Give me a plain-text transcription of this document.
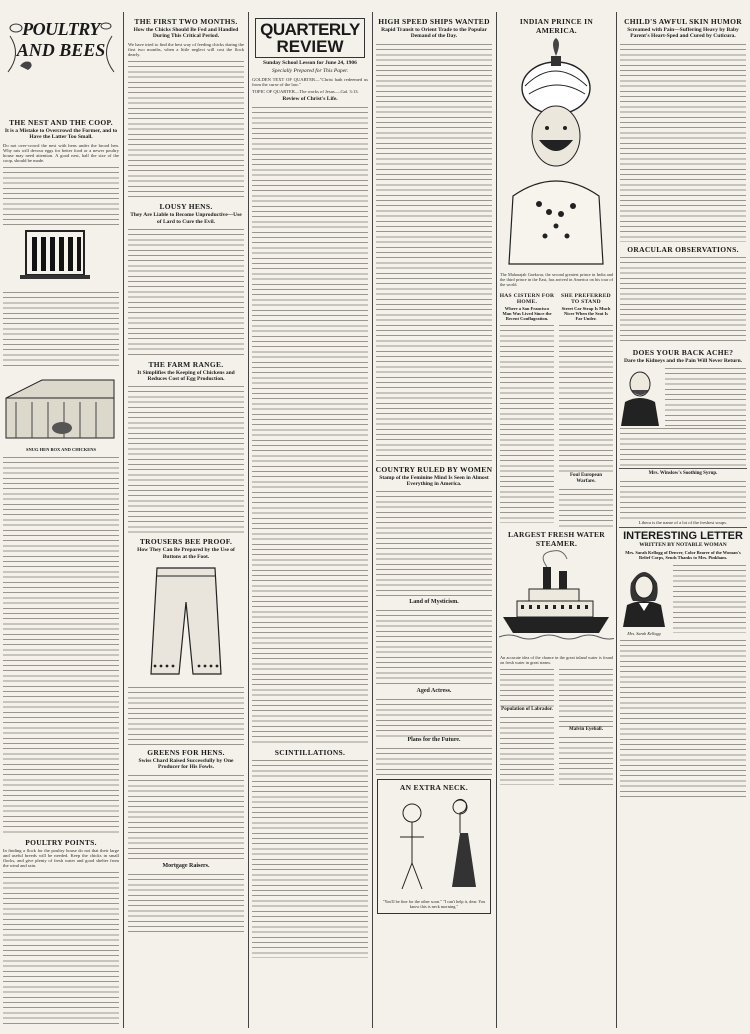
POULTRY
AND BEES
THE NEST AND THE COOP.
It is a Mistake to Overcrowd the Former, and to Have the Latter Too Small.
Do not over-crowd the nest with hens under the brood hen. Why rats will devour eggs for better food or a newer poultry house may need attention. A good nest, half the size of the coop, should be made.
SNUG HEN BOX AND CHICKENS
POULTRY POINTS.
In finding a flock for the poultry house do not that their large and useful breeds will be needed. Keep the chicks in small flocks, and give plenty of fresh water and good shelter from the wind and rain.
THE FIRST TWO MONTHS.
How the Chicks Should Be Fed and Handled During This Critical Period.
We have tried to find the best way of feeding chicks during the first two months, when a little neglect will cost the flock dearly.
LOUSY HENS.
They Are Liable to Become Unproductive—Use of Lard to Cure the Evil.
THE FARM RANGE.
It Simplifies the Keeping of Chickens and Reduces Cost of Egg Production.
TROUSERS BEE PROOF.
How They Can Be Prepared by the Use of Buttons at the Foot.
GREENS FOR HENS.
Swiss Chard Raised Successfully by One Producer for His Fowls.
Mortgage Raisers.
QUARTERLY
REVIEW
Sunday School Lesson for June 24, 1906
Specially Prepared for This Paper.
GOLDEN TEXT OF QUARTER—"Christ hath redeemed us from the curse of the law."
TOPIC OF QUARTER—The works of Jesus.—Gal. 3:13.
Review of Christ's Life.
SCINTILLATIONS.
HIGH SPEED SHIPS WANTED
Rapid Transit to Orient Trade to the Popular Demand of the Day.
COUNTRY RULED BY WOMEN
Stamp of the Feminine Mind Is Seen in Almost Everything in America.
Land of Mysticism.
Aged Actress.
Plans for the Future.
AN EXTRA NECK.
"You'll be fine for the other soon." "I can't help it, dear. You know this is neck morning."
INDIAN PRINCE IN AMERICA.
The Maharajah Gaekwar, the second greatest prince in India and the third prince in the East, has arrived in America on his tour of the world.
HAS CISTERN FOR HOME.
Where a San Francisco Man Was Lived Since the Recent Conflagration.
SHE PREFERRED TO STAND
Street Car Strap Is Much Nicer When the Seat Is Far Under.
Foul European Warfare.
LARGEST FRESH WATER STEAMER.
An accurate idea of the chance in the great inland water is found on fresh water in great steam.
Population of Labrador.
Malvin Eyeball.
CHILD'S AWFUL SKIN HUMOR
Screamed with Pain—Suffering Heavy by Baby Parent's Heart-Sped and Cured by Cuticura.
ORACULAR OBSERVATIONS.
DOES YOUR BACK ACHE?
Dare the Kidneys and the Pain Will Never Return.
Mrs. Winslow's Soothing Syrup.
Libera is the name of a lot of the freshest soups.
INTERESTING LETTER
WRITTEN BY NOTABLE WOMAN
Mrs. Sarah Kellogg of Denver, Color Bearer of the Woman's Relief Corps, Sends Thanks to Mrs. Pinkham.
Mrs. Sarah Kellogg
